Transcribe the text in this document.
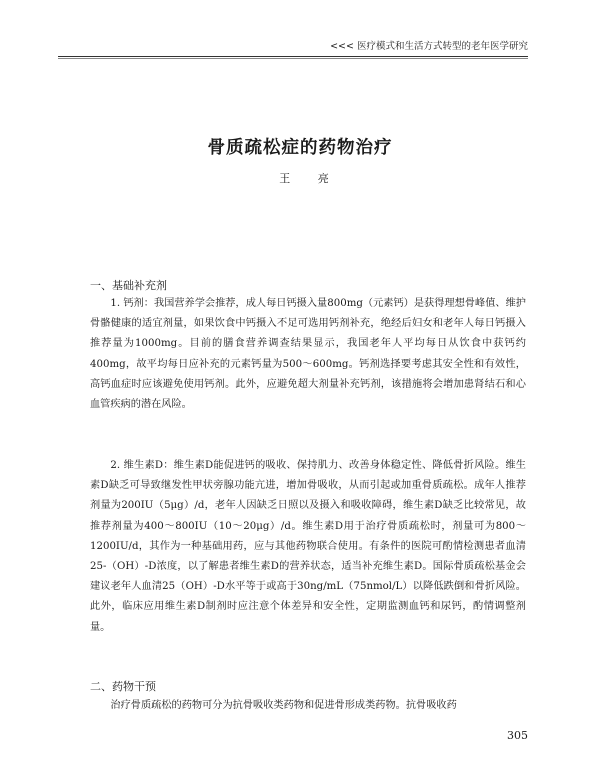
<<< 医疗模式和生活方式转型的老年医学研究
骨质疏松症的药物治疗
王 亮
一、基础补充剂

1. 钙剂：我国营养学会推荐，成人每日钙摄入量800mg（元素钙）是获得理想骨峰值、维护骨骼健康的适宜剂量，如果饮食中钙摄入不足可选用钙剂补充，绝经后妇女和老年人每日钙摄入推荐量为1000mg。目前的膳食营养调查结果显示，我国老年人平均每日从饮食中获钙约400mg，故平均每日应补充的元素钙量为500～600mg。钙剂选择要考虑其安全性和有效性，高钙血症时应该避免使用钙剂。此外，应避免超大剂量补充钙剂，该措施将会增加患肾结石和心血管疾病的潜在风险。

2. 维生素D：维生素D能促进钙的吸收、保持肌力、改善身体稳定性、降低骨折风险。维生素D缺乏可导致继发性甲状旁腺功能亢进，增加骨吸收，从而引起或加重骨质疏松。成年人推荐剂量为200IU（5μg）/d，老年人因缺乏日照以及摄入和吸收障碍，维生素D缺乏比较常见，故推荐剂量为400～800IU（10～20μg）/d。维生素D用于治疗骨质疏松时，剂量可为800～1200IU/d，其作为一种基础用药，应与其他药物联合使用。有条件的医院可酌情检测患者血清25-（OH）-D浓度，以了解患者维生素D的营养状态，适当补充维生素D。国际骨质疏松基金会建议老年人血清25（OH）-D水平等于或高于30ng/mL（75nmol/L）以降低跌倒和骨折风险。此外，临床应用维生素D制剂时应注意个体差异和安全性，定期监测血钙和尿钙，酌情调整剂量。

二、药物干预

治疗骨质疏松的药物可分为抗骨吸收类药物和促进骨形成类药物。抗骨吸收药

305
